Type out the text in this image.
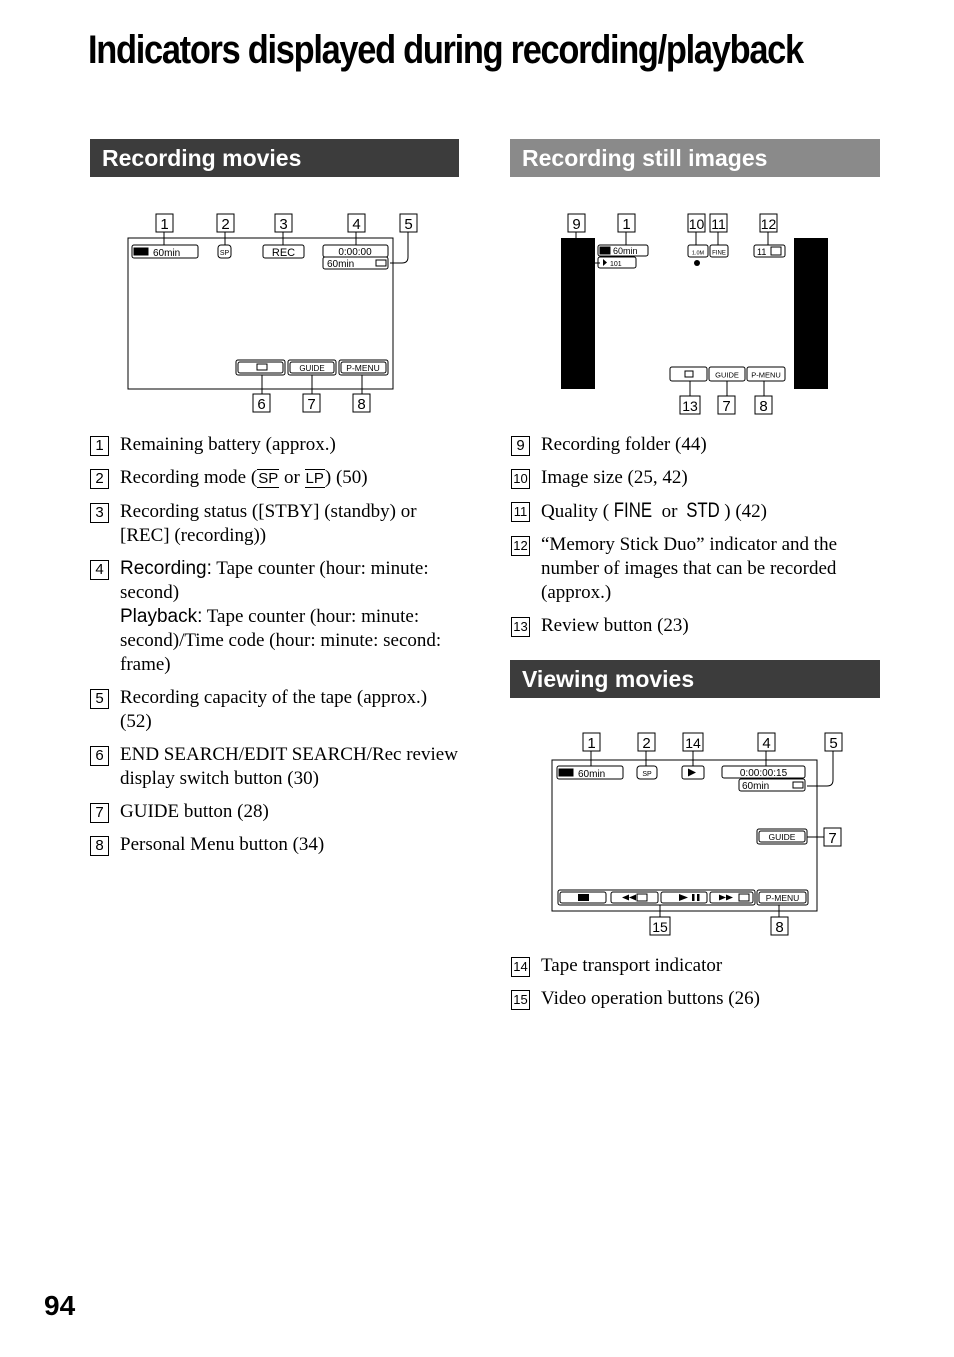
Indicators displayed during recording/playback
Recording movies	Recording still images
Viewing movies
1	2	3	4	5
6	7	8
60min	SP	REC	0:00:00
60min
GUIDE	P-MENU
9	1	10 11 12
13 7 8
60min
101
1.0M FINE	11
GUIDE P-MENU
1	2 14	4	5
7
15	8
60min	SP	0:00:00:15
60min
GUIDE
P-MENU
1 Remaining battery (approx.)
2 Recording mode (SP or LP) (50)
3 Recording status ([STBY] (standby) or [REC] (recording))
4 Recording: Tape counter (hour: minute: second)
Playback: Tape counter (hour: minute: second)/Time code (hour: minute: second: frame)
5 Recording capacity of the tape (approx.) (52)
6 END SEARCH/EDIT SEARCH/Rec review display switch button (30)
7 GUIDE button (28)
8 Personal Menu button (34)
9 Recording folder (44)
10 Image size (25, 42)
11 Quality ( FINE or STD ) (42)
12 “Memory Stick Duo” indicator and the number of images that can be recorded (approx.)
13 Review button (23)
14 Tape transport indicator
15 Video operation buttons (26)
94
